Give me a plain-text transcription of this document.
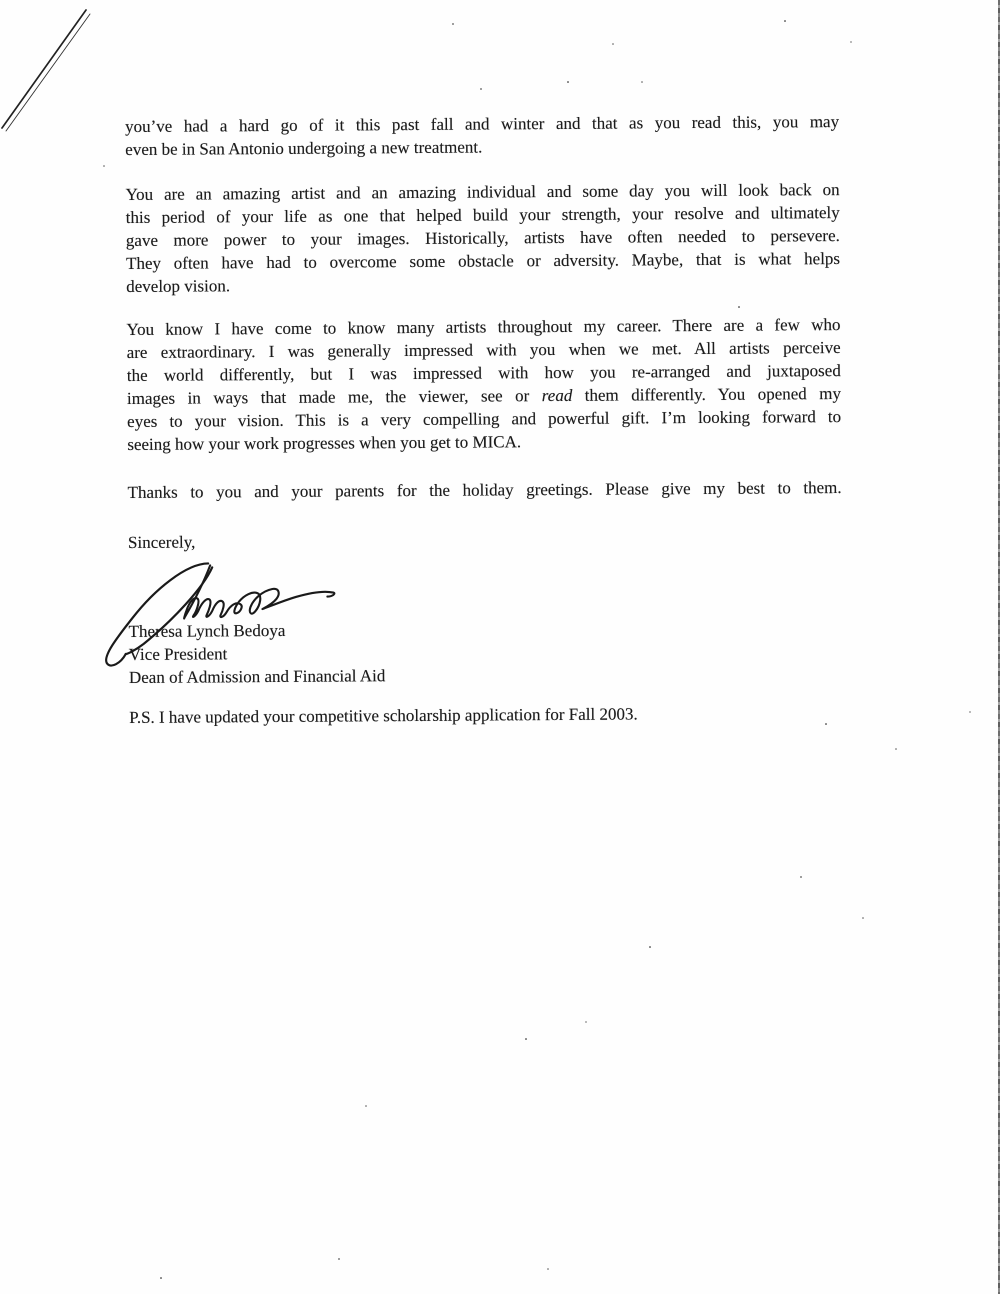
you’ve had a hard go of it this past fall and winter and that as you read this, you may
even be in San Antonio undergoing a new treatment.
You are an amazing artist and an amazing individual and some day you will look back on
this period of your life as one that helped build your strength, your resolve and ultimately
gave more power to your images. Historically, artists have often needed to persevere.
They often have had to overcome some obstacle or adversity. Maybe, that is what helps
develop vision.
You know I have come to know many artists throughout my career. There are a few who
are extraordinary. I was generally impressed with you when we met. All artists perceive
the world differently, but I was impressed with how you re-arranged and juxtaposed
images in ways that made me, the viewer, see or read them differently. You opened my
eyes to your vision. This is a very compelling and powerful gift. I’m looking forward to
seeing how your work progresses when you get to MICA.
Thanks to you and your parents for the holiday greetings. Please give my best to them.
Sincerely,
Theresa Lynch Bedoya
Vice President
Dean of Admission and Financial Aid
P.S. I have updated your competitive scholarship application for Fall 2003.
